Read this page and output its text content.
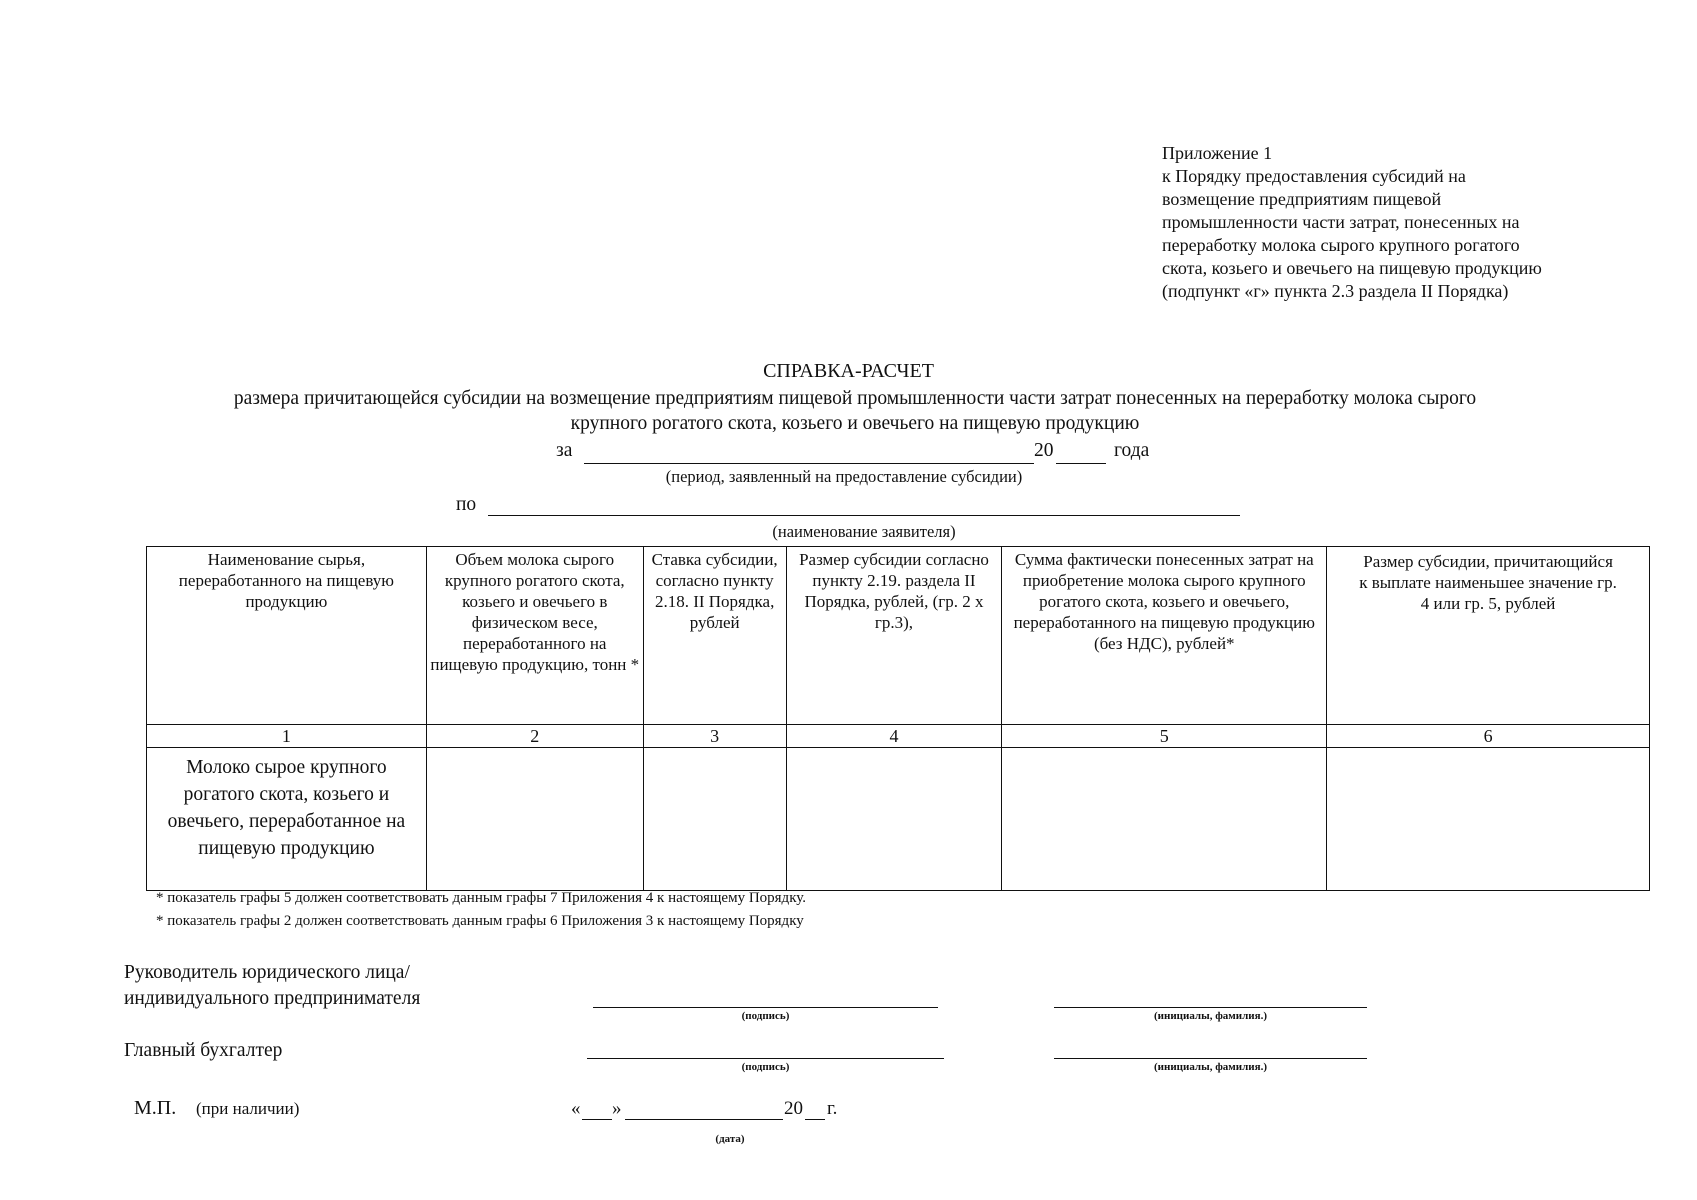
Приложение 1
к Порядку предоставления субсидий на
возмещение предприятиям пищевой
промышленности части затрат, понесенных на
переработку молока сырого крупного рогатого
скота, козьего и овечьего на пищевую продукцию
(подпункт «г» пункта 2.3 раздела II Порядка)
СПРАВКА-РАСЧЕТ
размера причитающейся субсидии на возмещение предприятиям пищевой промышленности части затрат понесенных на переработку молока сырого
крупного рогатого скота, козьего и овечьего на пищевую продукцию
за	20	года
(период, заявленный на предоставление субсидии)
по
(наименование заявителя)
Наименование сырья, переработанного на пищевую продукцию	Объем молока сырого крупного рогатого скота, козьего и овечьего в физическом весе, переработанного на пищевую продукцию, тонн *	Ставка субсидии, согласно пункту 2.18. II Порядка, рублей	Размер субсидии согласно пункту 2.19. раздела II Порядка, рублей, (гр. 2 х гр.3),	Сумма фактически понесенных затрат на приобретение молока сырого крупного рогатого скота, козьего и овечьего, переработанного на пищевую продукцию (без НДС), рублей*	Размер субсидии, причитающийся к выплате наименьшее значение гр. 4 или гр. 5, рублей
1	2	3	4	5	6
Молоко сырое крупного рогатого скота, козьего и овечьего, переработанное на пищевую продукцию					
* показатель графы 5 должен соответствовать данным графы 7 Приложения 4 к настоящему Порядку.
* показатель графы 2 должен соответствовать данным графы 6 Приложения 3 к настоящему Порядку
Руководитель юридического лица/
индивидуального предпринимателя
(подпись)	(инициалы, фамилия.)
Главный бухгалтер
(подпись)	(инициалы, фамилия.)
М.П. (при наличии)	« »	20 г.
(дата)
